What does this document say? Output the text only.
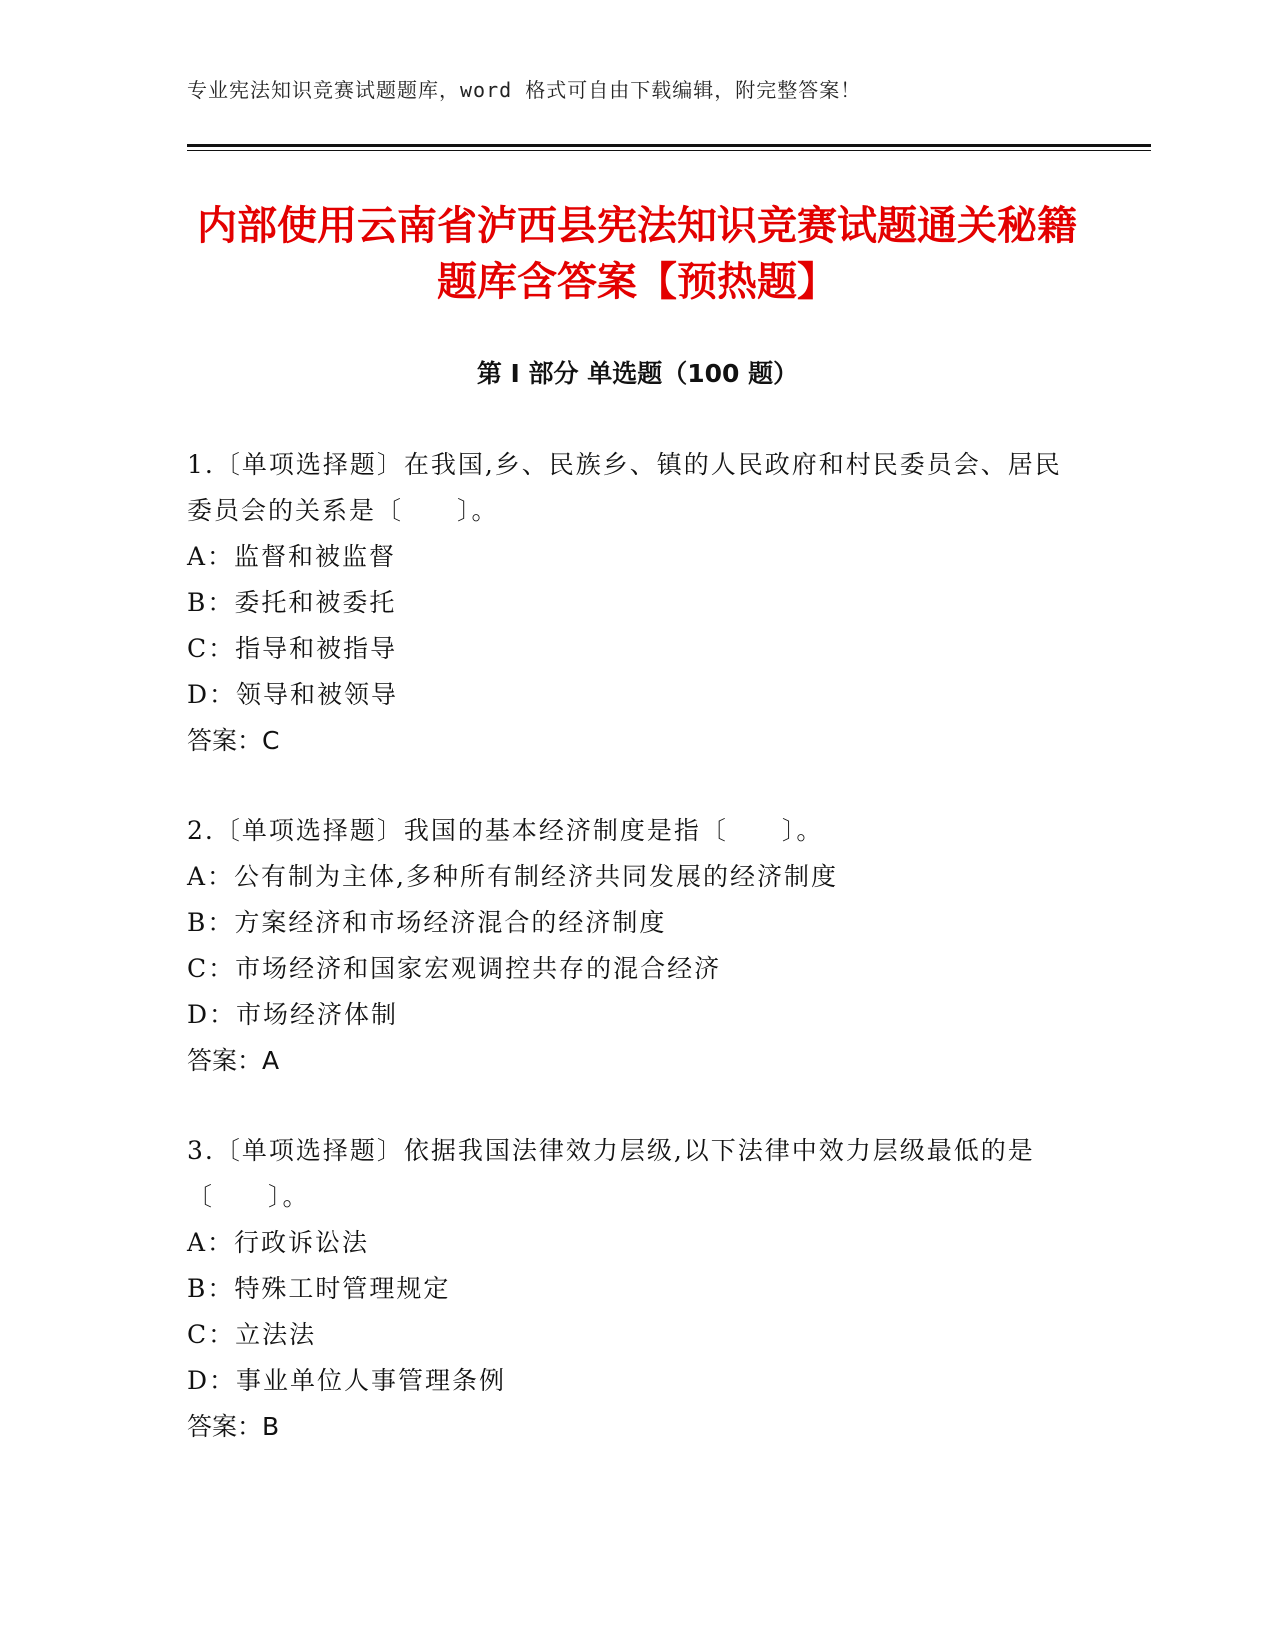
专业宪法知识竞赛试题题库，word 格式可自由下载编辑，附完整答案！
内部使用云南省泸西县宪法知识竞赛试题通关秘籍题库含答案【预热题】
第 I 部分 单选题（100 题）
1.〔单项选择题〕在我国,乡、民族乡、镇的人民政府和村民委员会、居民委员会的关系是〔　　〕。
A：监督和被监督
B：委托和被委托
C：指导和被指导
D：领导和被领导
答案：C
2.〔单项选择题〕我国的基本经济制度是指〔　　〕。
A：公有制为主体,多种所有制经济共同发展的经济制度
B：方案经济和市场经济混合的经济制度
C：市场经济和国家宏观调控共存的混合经济
D：市场经济体制
答案：A
3.〔单项选择题〕依据我国法律效力层级,以下法律中效力层级最低的是〔　　〕。
A：行政诉讼法
B：特殊工时管理规定
C：立法法
D：事业单位人事管理条例
答案：B
